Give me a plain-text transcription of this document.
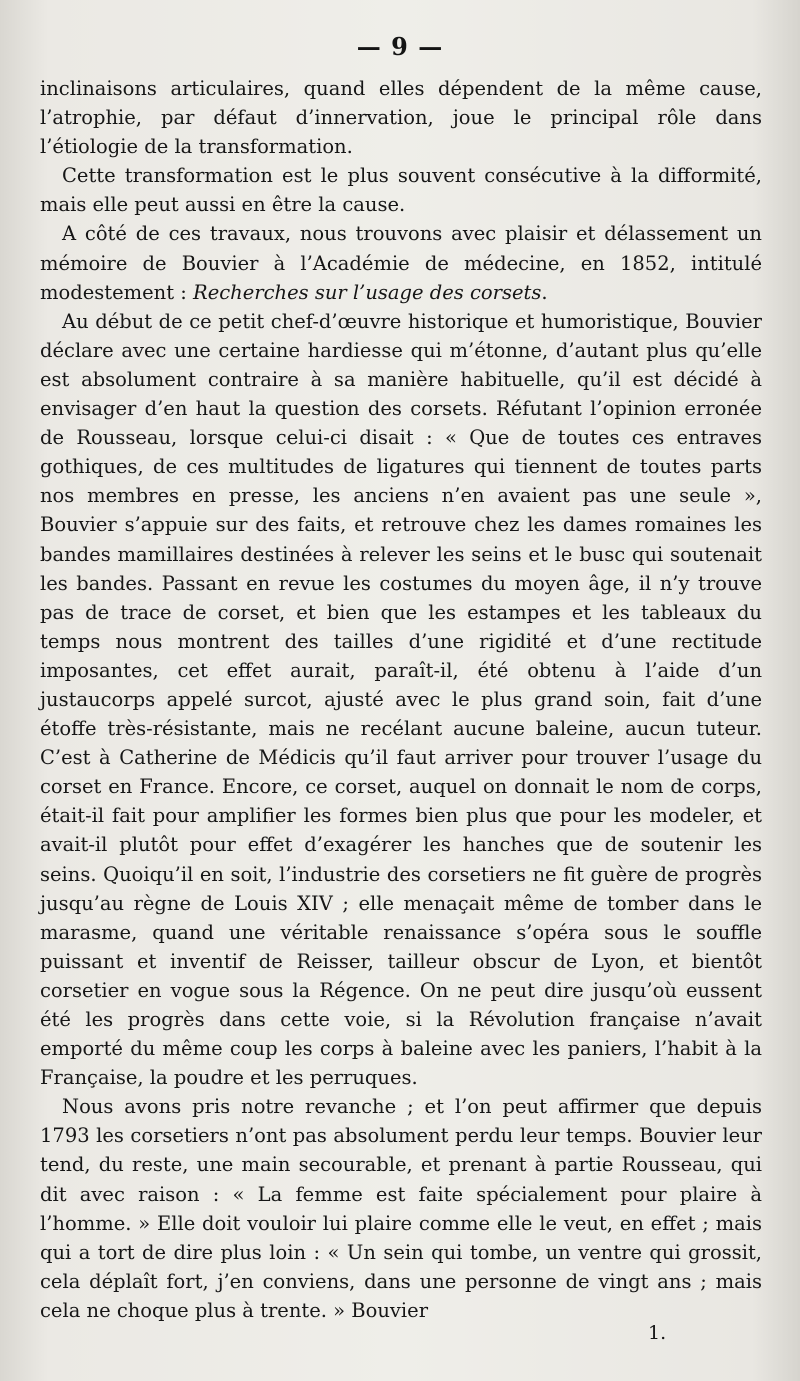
— 9 —

inclinaisons articulaires, quand elles dépendent de la même cause, l’atrophie, par défaut d’innervation, joue le principal rôle dans l’étiologie de la transformation.

Cette transformation est le plus souvent consécutive à la difformité, mais elle peut aussi en être la cause.

A côté de ces travaux, nous trouvons avec plaisir et délassement un mémoire de Bouvier à l’Académie de médecine, en 1852, intitulé modestement : Recherches sur l’usage des corsets.

Au début de ce petit chef-d’œuvre historique et humoristique, Bouvier déclare avec une certaine hardiesse qui m’étonne, d’autant plus qu’elle est absolument contraire à sa manière habituelle, qu’il est décidé à envisager d’en haut la question des corsets. Réfutant l’opinion erronée de Rousseau, lorsque celui-ci disait : « Que de toutes ces entraves gothiques, de ces multitudes de ligatures qui tiennent de toutes parts nos membres en presse, les anciens n’en avaient pas une seule », Bouvier s’appuie sur des faits, et retrouve chez les dames romaines les bandes mamillaires destinées à relever les seins et le busc qui soutenait les bandes. Passant en revue les costumes du moyen âge, il n’y trouve pas de trace de corset, et bien que les estampes et les tableaux du temps nous montrent des tailles d’une rigidité et d’une rectitude imposantes, cet effet aurait, paraît-il, été obtenu à l’aide d’un justaucorps appelé surcot, ajusté avec le plus grand soin, fait d’une étoffe très-résistante, mais ne recélant aucune baleine, aucun tuteur. C’est à Catherine de Médicis qu’il faut arriver pour trouver l’usage du corset en France. Encore, ce corset, auquel on donnait le nom de corps, était-il fait pour amplifier les formes bien plus que pour les modeler, et avait-il plutôt pour effet d’exagérer les hanches que de soutenir les seins. Quoiqu’il en soit, l’industrie des corsetiers ne fit guère de progrès jusqu’au règne de Louis XIV ; elle menaçait même de tomber dans le marasme, quand une véritable renaissance s’opéra sous le souffle puissant et inventif de Reisser, tailleur obscur de Lyon, et bientôt corsetier en vogue sous la Régence. On ne peut dire jusqu’où eussent été les progrès dans cette voie, si la Révolution française n’avait emporté du même coup les corps à baleine avec les paniers, l’habit à la Française, la poudre et les perruques.

Nous avons pris notre revanche ; et l’on peut affirmer que depuis 1793 les corsetiers n’ont pas absolument perdu leur temps. Bouvier leur tend, du reste, une main secourable, et prenant à partie Rousseau, qui dit avec raison : « La femme est faite spécialement pour plaire à l’homme. » Elle doit vouloir lui plaire comme elle le veut, en effet ; mais qui a tort de dire plus loin : « Un sein qui tombe, un ventre qui grossit, cela déplaît fort, j’en conviens, dans une personne de vingt ans ; mais cela ne choque plus à trente. » Bouvier

1.
